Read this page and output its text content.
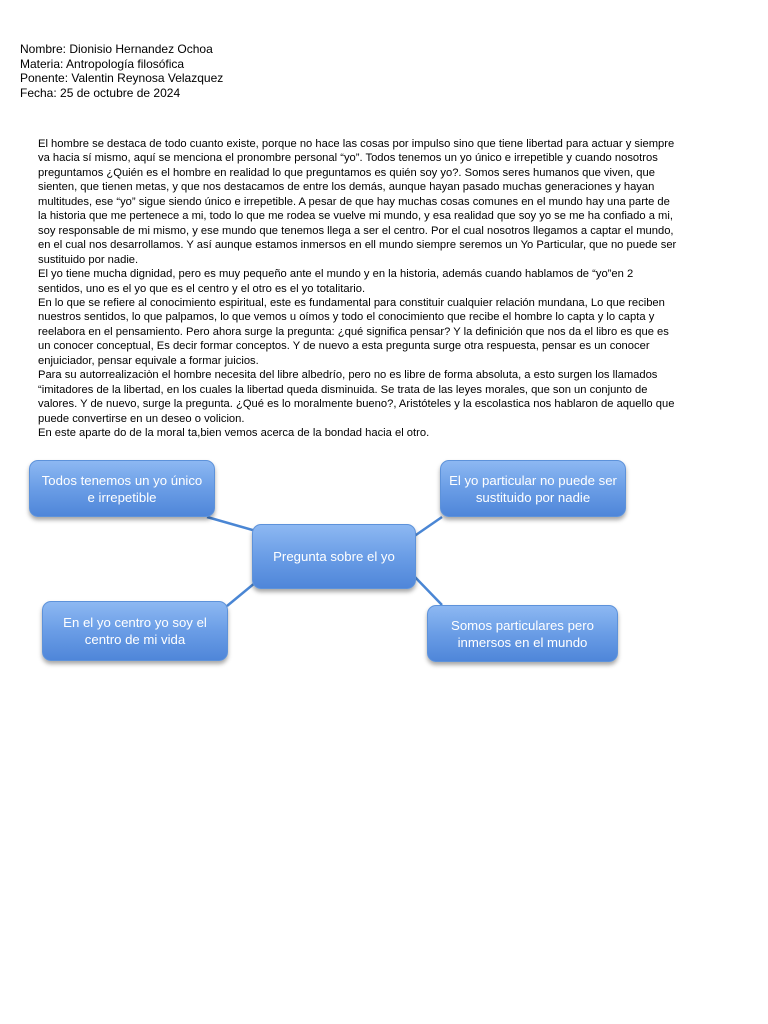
Nombre: Dionisio Hernandez Ochoa
Materia: Antropología filosófica
Ponente: Valentin Reynosa Velazquez
Fecha: 25 de octubre de 2024

El hombre se destaca de todo cuanto existe, porque no hace las cosas por impulso sino que tiene libertad para actuar y siempre va hacia sí mismo, aquí se menciona el pronombre personal “yo”. Todos tenemos un yo único e irrepetible y cuando nosotros preguntamos ¿Quién es el hombre en realidad lo que preguntamos es quién soy yo?. Somos seres humanos que viven, que sienten, que tienen metas, y que nos destacamos de entre los demás, aunque hayan pasado muchas generaciones y hayan multitudes, ese “yo” sigue siendo único e irrepetible. A pesar de que hay muchas cosas comunes en el mundo hay una parte de la historia que me pertenece a mi, todo lo que me rodea se vuelve mi mundo, y esa realidad que soy yo se me ha confiado a mi, soy responsable de mi mismo, y ese mundo que tenemos llega a ser el centro. Por el cual nosotros llegamos a captar el mundo, en el cual nos desarrollamos. Y así aunque estamos inmersos en ell mundo siempre seremos un Yo Particular, que no puede ser sustituido por nadie.

El yo tiene mucha dignidad, pero es muy pequeño ante el mundo y en la historia, además cuando hablamos de “yo”en 2 sentidos, uno es el yo que es el centro y el otro es el yo totalitario.

En lo que se refiere al conocimiento espiritual, este es fundamental para constituir cualquier relación mundana, Lo que reciben nuestros sentidos, lo que palpamos, lo que vemos u oímos y todo el conocimiento que recibe el hombre lo capta y lo capta y reelabora en el pensamiento. Pero ahora surge la pregunta: ¿qué significa pensar? Y la definición que nos da el libro es que es un conocer conceptual, Es decir formar conceptos. Y de nuevo a esta pregunta surge otra respuesta, pensar es un conocer enjuiciador, pensar equivale a formar juicios.

Para su autorrealizaciòn el hombre necesita del libre albedrío, pero no es libre de forma absoluta, a esto surgen los llamados “imitadores de la libertad, en los cuales la libertad queda disminuida. Se trata de las leyes morales, que son un conjunto de valores. Y de nuevo, surge la pregunta. ¿Qué es lo moralmente bueno?, Aristóteles y la escolastica nos hablaron de aquello que puede convertirse en un deseo o volicion.

En este aparte do de la moral ta,bien vemos acerca de la bondad hacia el otro.

Todos tenemos un yo único e irrepetible
El yo particular no puede ser sustituido por nadie
Pregunta sobre el yo
En el yo centro yo soy el centro de mi vida
Somos particulares pero inmersos en el mundo
